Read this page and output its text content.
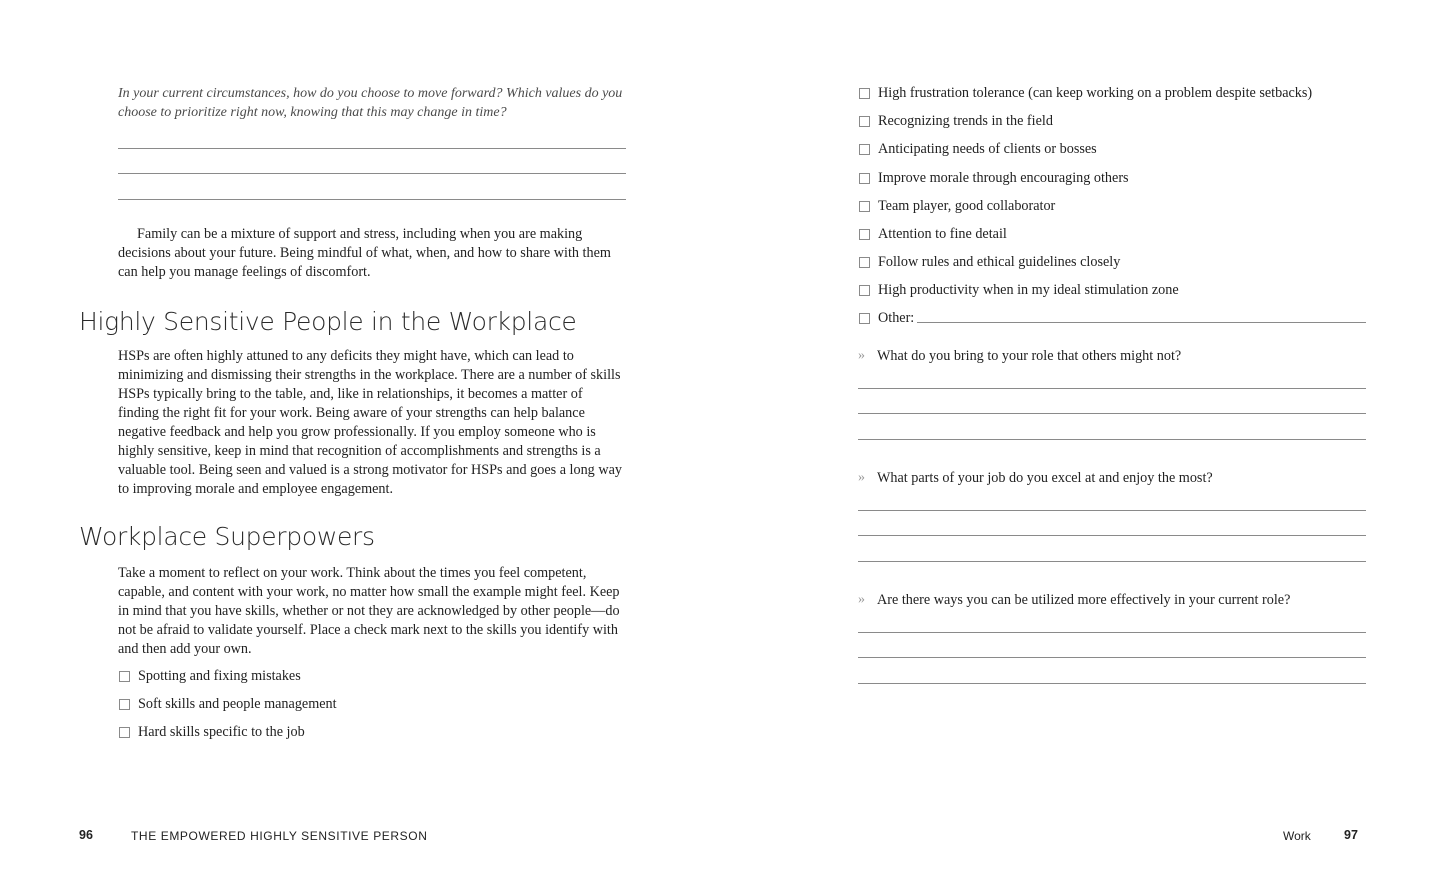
In your current circumstances, how do you choose to move forward? Which values do you choose to prioritize right now, knowing that this may change in time?

Family can be a mixture of support and stress, including when you are making decisions about your future. Being mindful of what, when, and how to share with them can help you manage feelings of discomfort.

Highly Sensitive People in the Workplace

HSPs are often highly attuned to any deficits they might have, which can lead to minimizing and dismissing their strengths in the workplace. There are a number of skills HSPs typically bring to the table, and, like in relationships, it becomes a matter of finding the right fit for your work. Being aware of your strengths can help balance negative feedback and help you grow professionally. If you employ someone who is highly sensitive, keep in mind that recognition of accomplishments and strengths is a valuable tool. Being seen and valued is a strong motivator for HSPs and goes a long way to improving morale and employee engagement.

Workplace Superpowers

Take a moment to reflect on your work. Think about the times you feel competent, capable, and content with your work, no matter how small the example might feel. Keep in mind that you have skills, whether or not they are acknowledged by other people—do not be afraid to validate yourself. Place a check mark next to the skills you identify with and then add your own.

Spotting and fixing mistakes
Soft skills and people management
Hard skills specific to the job
96	THE EMPOWERED HIGHLY SENSITIVE PERSON
High frustration tolerance (can keep working on a problem despite setbacks)
Recognizing trends in the field
Anticipating needs of clients or bosses
Improve morale through encouraging others
Team player, good collaborator
Attention to fine detail
Follow rules and ethical guidelines closely
High productivity when in my ideal stimulation zone
Other:
» What do you bring to your role that others might not?
» What parts of your job do you excel at and enjoy the most?
» Are there ways you can be utilized more effectively in your current role?
Work	97
